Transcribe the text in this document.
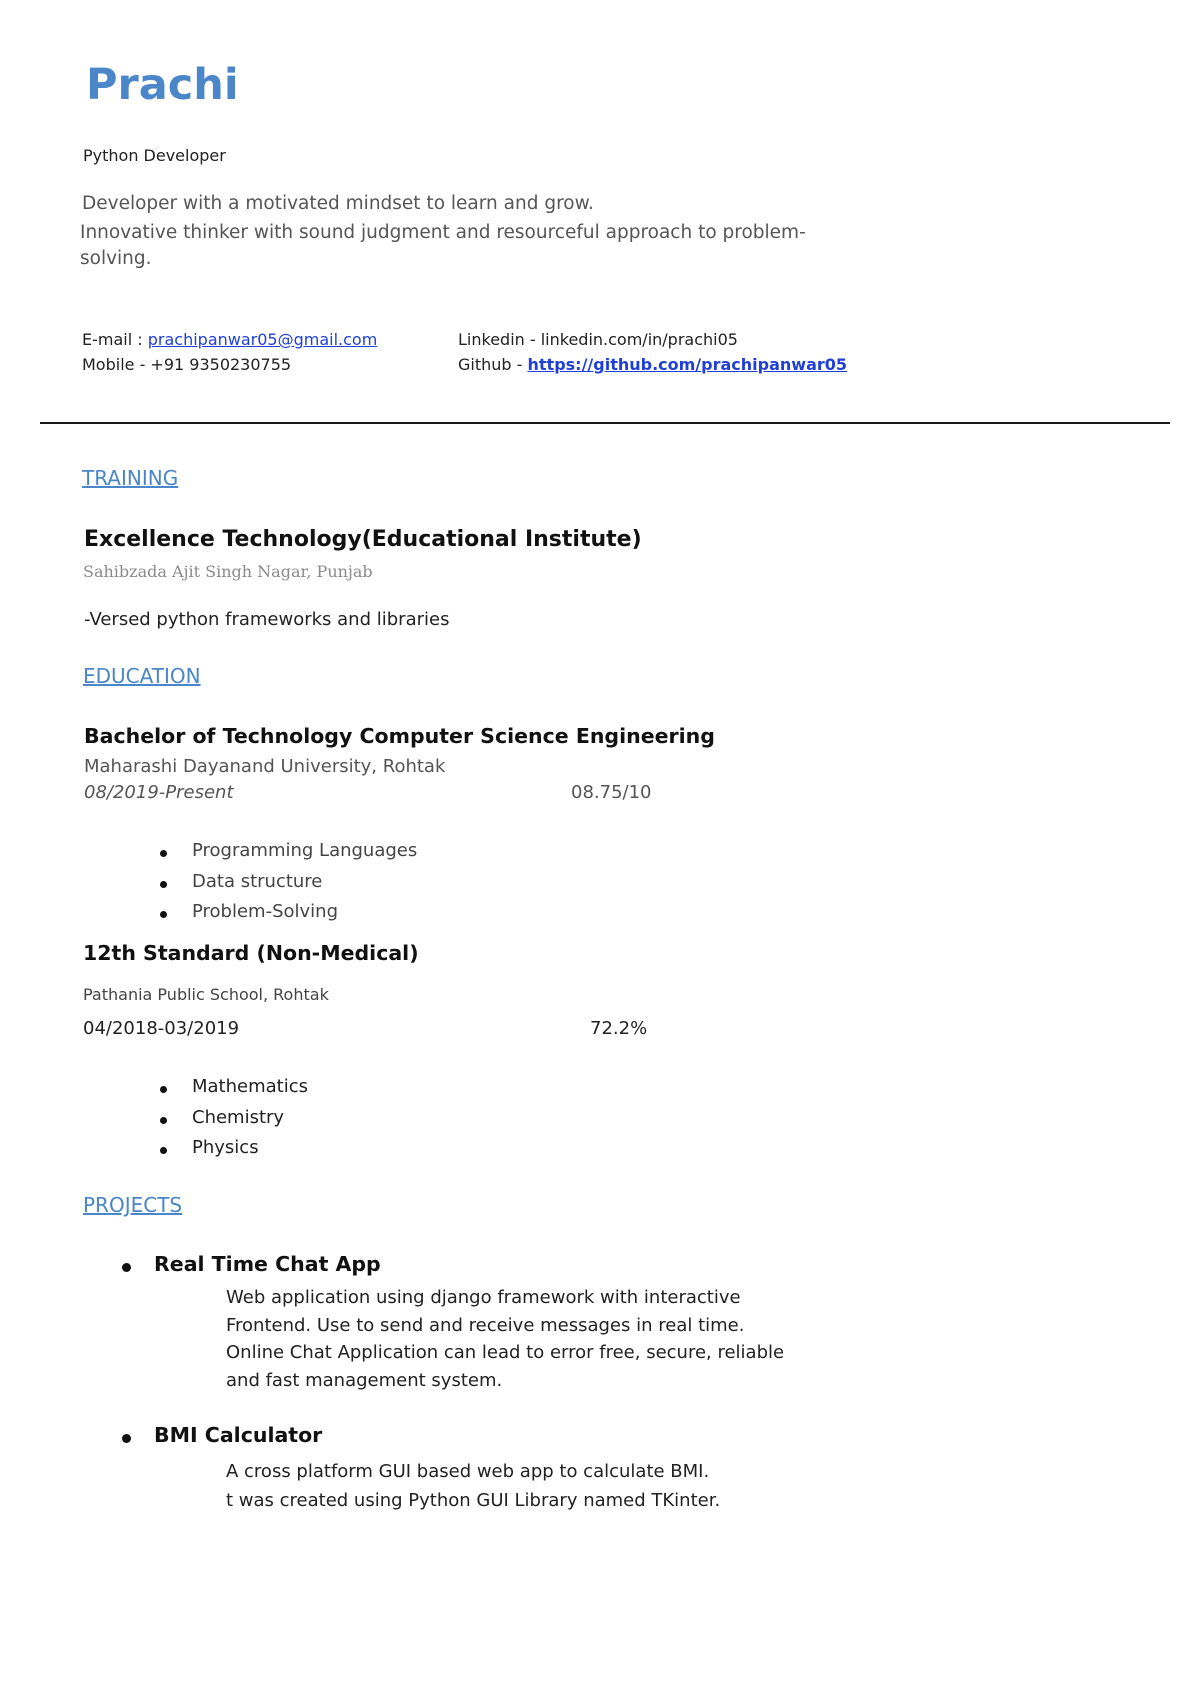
Prachi
Python Developer
Developer with a motivated mindset to learn and grow.
Innovative thinker with sound judgment and resourceful approach to problem-
solving.
E-mail : prachipanwar05@gmail.com
Mobile - +91 9350230755
Linkedin - linkedin.com/in/prachi05
Github - https://github.com/prachipanwar05
TRAINING
Excellence Technology(Educational Institute)
Sahibzada Ajit Singh Nagar, Punjab
-Versed python frameworks and libraries
EDUCATION
Bachelor of Technology Computer Science Engineering
Maharashi Dayanand University, Rohtak
08/2019-Present	08.75/10
Programming Languages
Data structure
Problem-Solving
12th Standard (Non-Medical)
Pathania Public School, Rohtak
04/2018-03/2019	72.2%
Mathematics
Chemistry
Physics
PROJECTS
Real Time Chat App
Web application using django framework with interactive
Frontend. Use to send and receive messages in real time.
Online Chat Application can lead to error free, secure, reliable
and fast management system.
BMI Calculator
A cross platform GUI based web app to calculate BMI.
t was created using Python GUI Library named TKinter.
